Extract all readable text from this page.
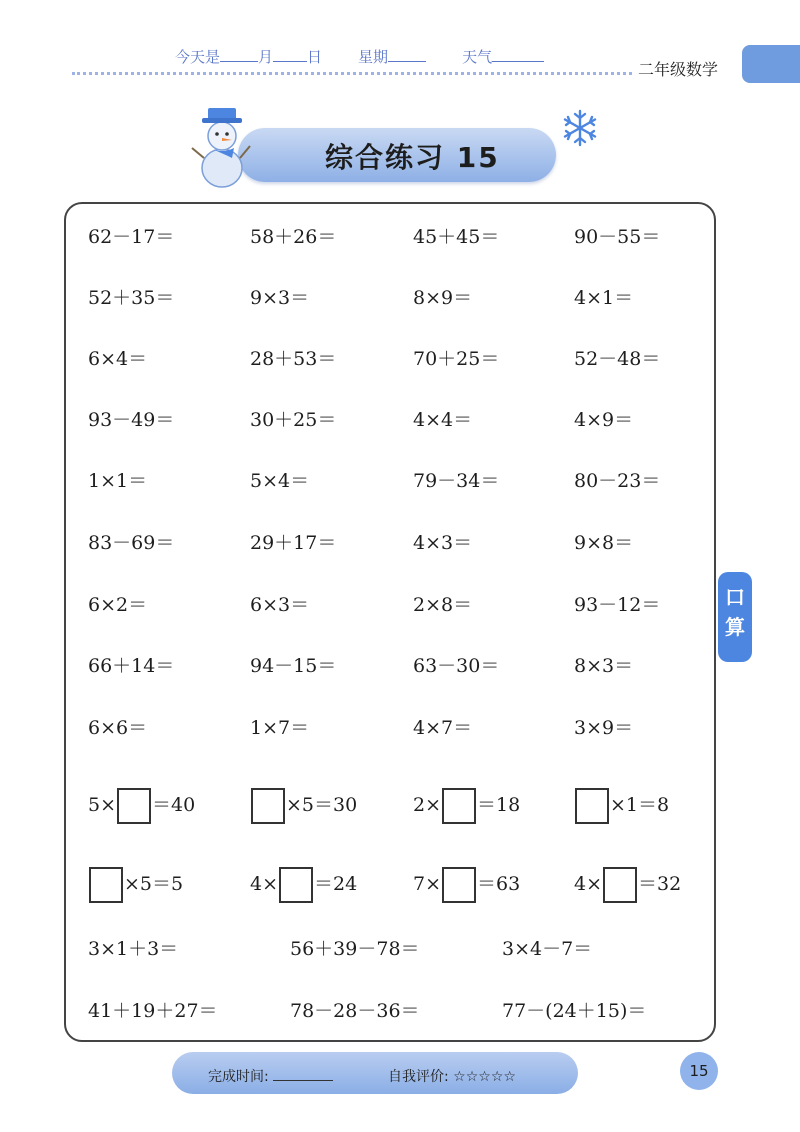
今天是	月 日 星期	天气
二年级数学
综合练习 15
62－17＝	58＋26＝	45＋45＝	90－55＝
52＋35＝	9×3＝	8×9＝	4×1＝
6×4＝	28＋53＝	70＋25＝	52－48＝
93－49＝	30＋25＝	4×4＝	4×9＝
1×1＝	5×4＝	79－34＝	80－23＝
83－69＝	29＋17＝	4×3＝	9×8＝
6×2＝	6×3＝	2×8＝	93－12＝
66＋14＝	94－15＝	63－30＝	8×3＝
6×6＝	1×7＝	4×7＝	3×9＝
5× ＝40	×5＝30	2× ＝18	×1＝8
×5＝5	4× ＝24	7× ＝63	4× ＝32
3×1＋3＝	56＋39－78＝	3×4－7＝
41＋19＋27＝	78－28－36＝	77－(24＋15)＝
口
算
完成时间:	自我评价: ☆☆☆☆☆	15
